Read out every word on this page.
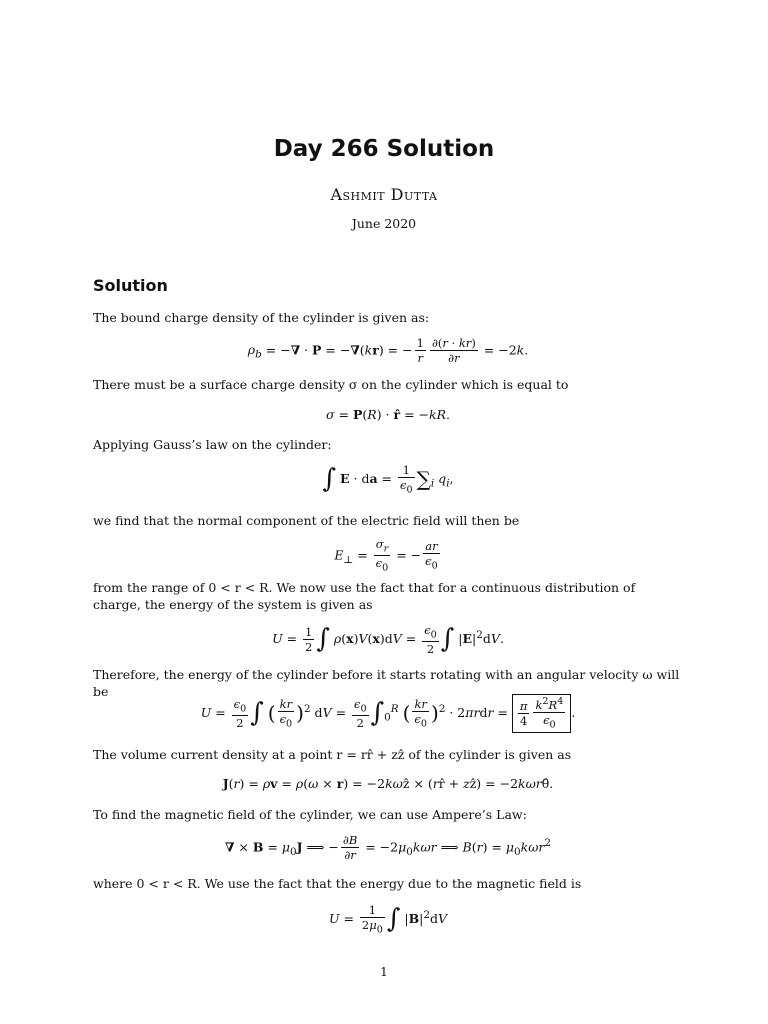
Day 266 Solution
Ashmit Dutta
June 2020
Solution
The bound charge density of the cylinder is given as:
$\rho_b$ = −∇ · P = −∇(kr) = − $\frac{1}{r} \frac{\partial(r \cdot kr)}{\partial r} = -2k$.
There must be a surface charge density σ on the cylinder which is equal to
σ = P(R) · r̂ = −kR.
Applying Gauss’s law on the cylinder:
∫ E · da = $\frac{1}{\epsilon_0} \sum_i$ $q_i$,
we find that the normal component of the electric field will then be
$E_\perp = \frac{\sigma_r}{\epsilon_0}$ = − $\frac{ar}{\epsilon_0}$
from the range of 0 < r < R. We now use the fact that for a continuous distribution of charge, the energy of the system is given as
$U = \frac{1}{2}$ ∫ $\rho(x)V(x)dV = \frac{\epsilon_0}{2}$ ∫ $|E|^2dV$.
Therefore, the energy of the cylinder before it starts rotating with an angular velocity ω will be
$U = \frac{\epsilon_0}{2}$ ∫ ( $\frac{kr}{\epsilon_0} )^2$ dV = $\frac{\epsilon_0}{2} \int_0^R$ ( $\frac{kr}{\epsilon_0} )^2 \cdot 2\pi rdr = \frac{\pi}{4} \frac{k^2R^4}{\epsilon_0}$ .
The volume current density at a point r = rr̂ + zẑ of the cylinder is given as
J(r) = ρv = ρ(ω × r) = −2kωẑ × (rr̂ + zẑ) = −2kωrθ̂.
To find the magnetic field of the cylinder, we can use Ampere’s Law:
∇ × $B = \mu_0J$ ⟹ − $\frac{\partial B}{\partial r} = -2\mu_0k\omega r$ ⟹ $B(r) = \mu_0k\omega r^2$
where 0 < r < R. We use the fact that the energy due to the magnetic field is
$U = \frac{1}{2\mu_0}$ ∫ $|B|^2dV$
1
